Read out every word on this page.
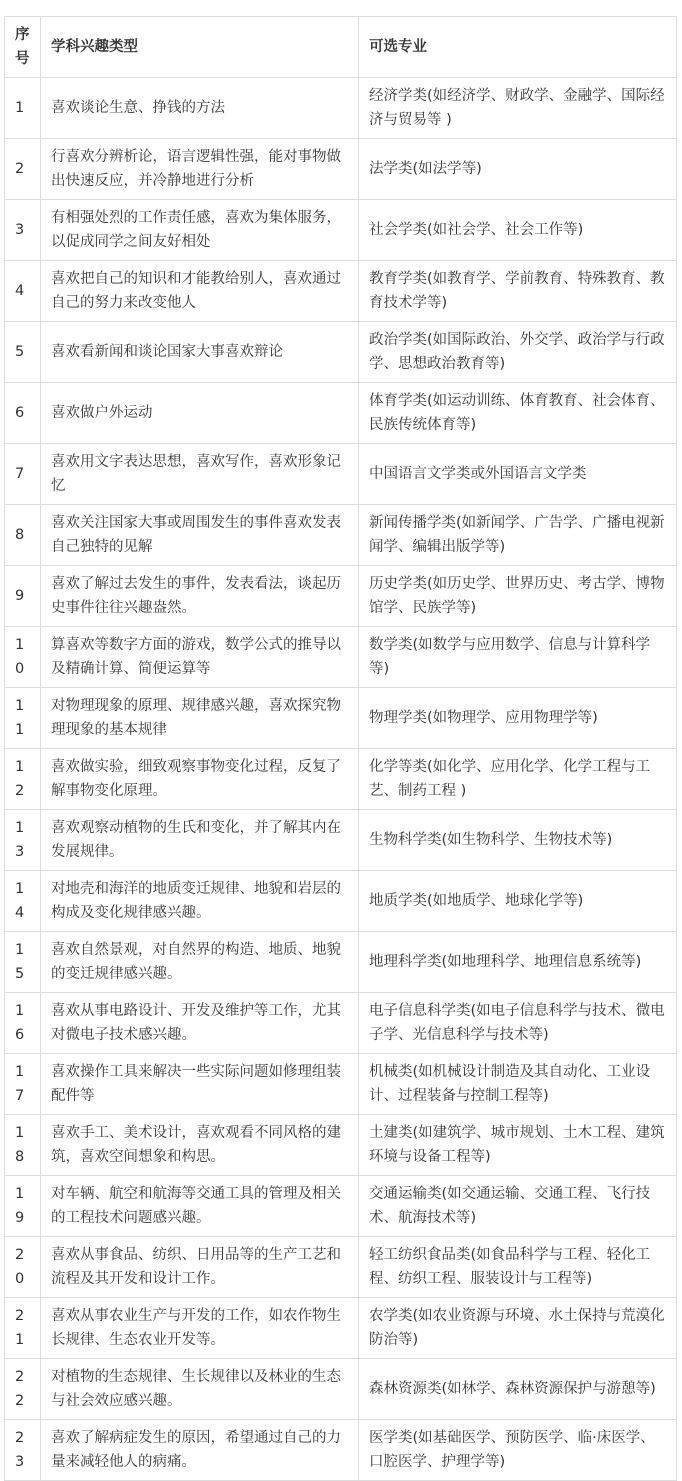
序号	学科兴趣类型	可选专业

1	喜欢谈论生意、挣钱的方法	经济学类(如经济学、财政学、金融学、国际经济与贸易等 )

2	行喜欢分辨析论，语言逻辑性强，能对事物做出快速反应，并冷静地进行分析	法学类(如法学等)

3	有相强处烈的工作责任感，喜欢为集体服务，以促成同学之间友好相处	社会学类(如社会学、社会工作等)

4	喜欢把自己的知识和才能教给别人，喜欢通过自己的努力来改变他人	教育学类(如教育学、学前教育、特殊教育、教育技术学等)

5	喜欢看新闻和谈论国家大事喜欢辩论	政治学类(如国际政治、外交学、政治学与行政学、思想政治教育等)

6	喜欢做户外运动	体育学类(如运动训练、体育教育、社会体育、民族传统体育等)

7	喜欢用文字表达思想，喜欢写作，喜欢形象记忆	中国语言文学类或外国语言文学类

8	喜欢关注国家大事或周围发生的事件喜欢发表自己独特的见解	新闻传播学类(如新闻学、广告学、广播电视新闻学、编辑出版学等)

9	喜欢了解过去发生的事件，发表看法，谈起历史事件往往兴趣盎然。	历史学类(如历史学、世界历史、考古学、博物馆学、民族学等)

10	算喜欢等数字方面的游戏，数学公式的推导以及精确计算、简便运算等	数学类(如数学与应用数学、信息与计算科学等)

11	对物理现象的原理、规律感兴趣，喜欢探究物理现象的基本规律	物理学类(如物理学、应用物理学等)

12	喜欢做实验，细致观察事物变化过程，反复了解事物变化原理。	化学等类(如化学、应用化学、化学工程与工艺、制药工程 )

13	喜欢观察动植物的生氏和变化，并了解其内在发展规律。	生物科学类(如生物科学、生物技术等)

14	对地壳和海洋的地质变迁规律、地貌和岩层的构成及变化规律感兴趣。	地质学类(如地质学、地球化学等)

15	喜欢自然景观，对自然界的构造、地质、地貌的变迁规律感兴趣。	地理科学类(如地理科学、地理信息系统等)

16	喜欢从事电路设计、开发及维护等工作，尤其对微电子技术感兴趣。	电子信息科学类(如电子信息科学与技术、微电子学、光信息科学与技术等)

17	喜欢操作工具来解决一些实际问题如修理组装配件等	机械类(如机械设计制造及其自动化、工业设计、过程装备与控制工程等)

18	喜欢手工、美术设计，喜欢观看不同风格的建筑，喜欢空间想象和构思。	土建类(如建筑学、城市规划、土木工程、建筑环境与设备工程等)

19	对车辆、航空和航海等交通工具的管理及相关的工程技术问题感兴趣。	交通运输类(如交通运输、交通工程、飞行技术、航海技术等)

20	喜欢从事食品、纺织、日用品等的生产工艺和流程及其开发和设计工作。	轻工纺织食品类(如食品科学与工程、轻化工程、纺织工程、服装设计与工程等)

21	喜欢从事农业生产与开发的工作，如农作物生长规律、生态农业开发等。	农学类(如农业资源与环境、水土保持与荒漠化防治等)

22	对植物的生态规律、生长规律以及林业的生态与社会效应感兴趣。	森林资源类(如林学、森林资源保护与游憩等)

23	喜欢了解病症发生的原因，希望通过自己的力量来减轻他人的病痛。	医学类(如基础医学、预防医学、临·床医学、口腔医学、护理学等)
